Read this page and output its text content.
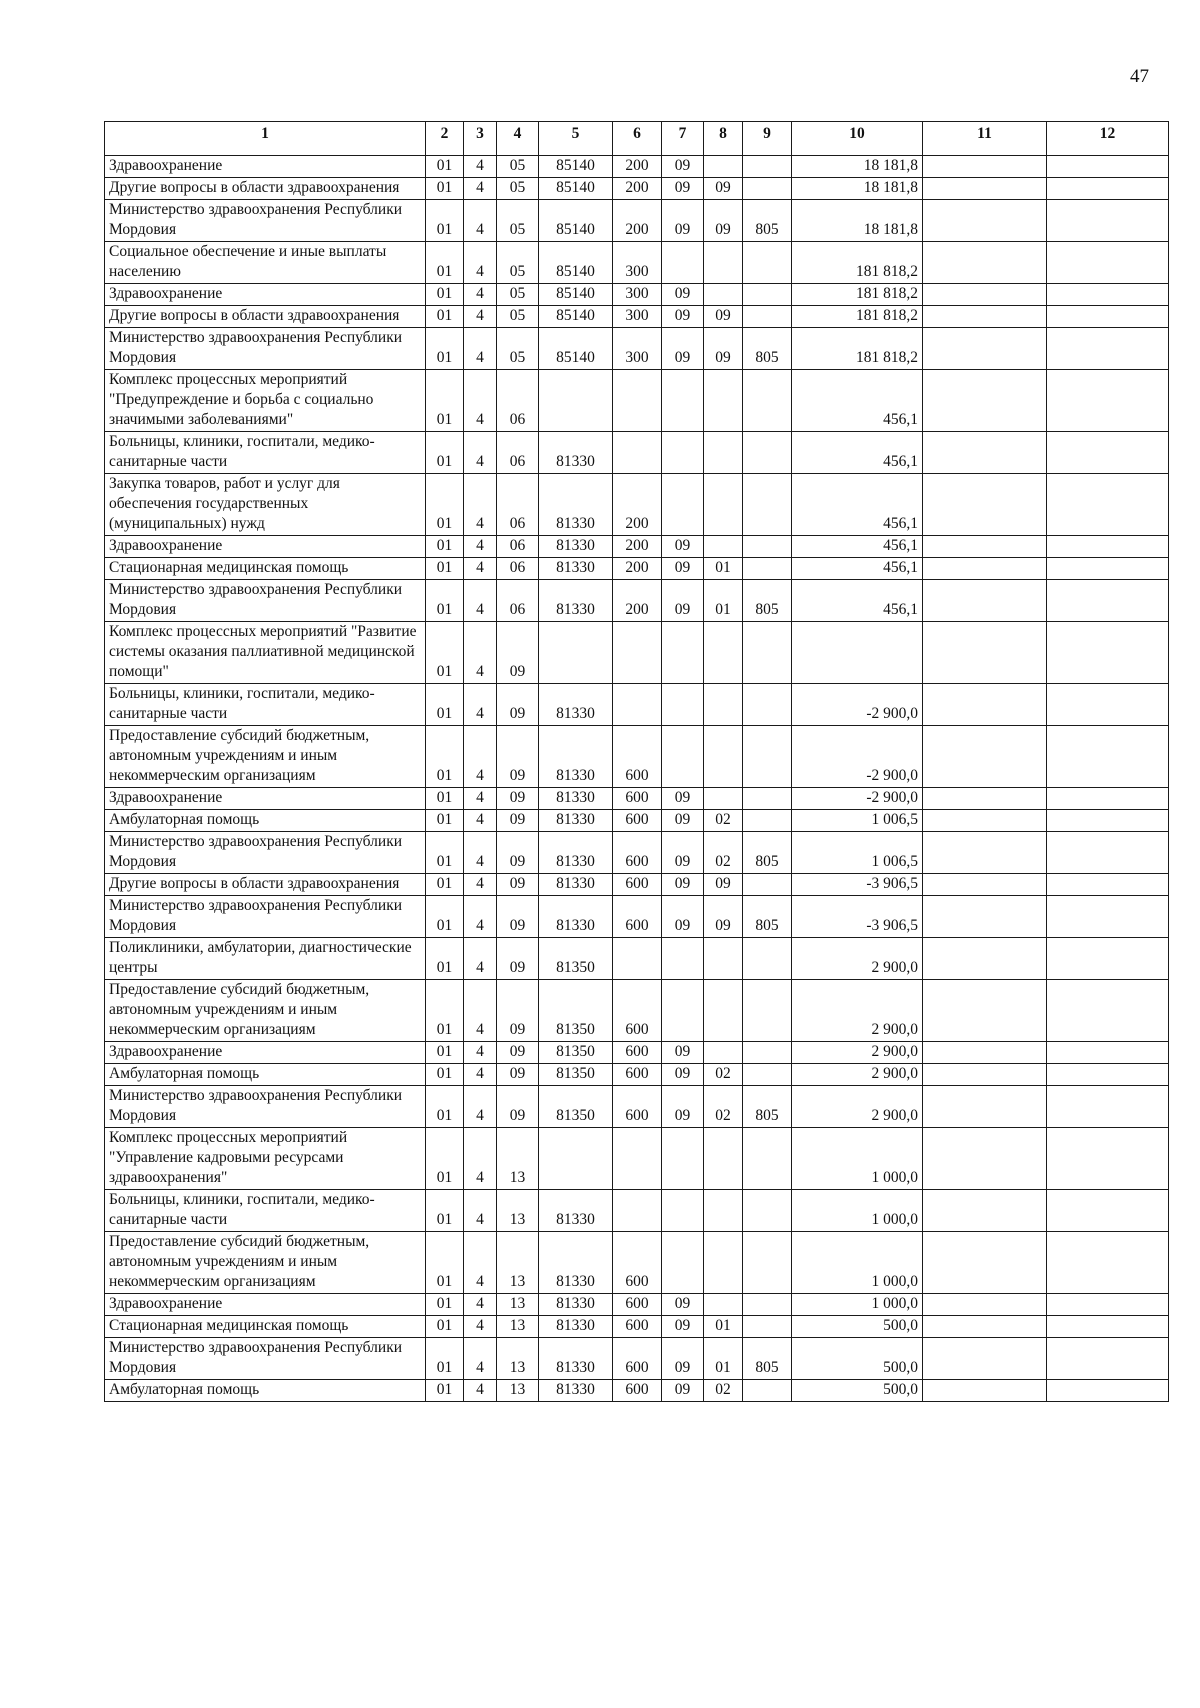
47
1	2	3	4	5	6	7	8	9	10	11	12
Здравоохранение	01	4	05	85140	200	09			18 181,8		
Другие вопросы в области здравоохранения	01	4	05	85140	200	09	09		18 181,8		
Министерство здравоохранения Республики Мордовия	01	4	05	85140	200	09	09	805	18 181,8		
Социальное обеспечение и иные выплаты населению	01	4	05	85140	300				181 818,2		
Здравоохранение	01	4	05	85140	300	09			181 818,2		
Другие вопросы в области здравоохранения	01	4	05	85140	300	09	09		181 818,2		
Министерство здравоохранения Республики Мордовия	01	4	05	85140	300	09	09	805	181 818,2		
Комплекс процессных мероприятий "Предупреждение и борьба с социально значимыми заболеваниями"	01	4	06						456,1		
Больницы, клиники, госпитали, медико-санитарные части	01	4	06	81330					456,1		
Закупка товаров, работ и услуг для обеспечения государственных (муниципальных) нужд	01	4	06	81330	200				456,1		
Здравоохранение	01	4	06	81330	200	09			456,1		
Стационарная медицинская помощь	01	4	06	81330	200	09	01		456,1		
Министерство здравоохранения Республики Мордовия	01	4	06	81330	200	09	01	805	456,1		
Комплекс процессных мероприятий "Развитие системы оказания паллиативной медицинской помощи"	01	4	09								
Больницы, клиники, госпитали, медико-санитарные части	01	4	09	81330					-2 900,0		
Предоставление субсидий бюджетным, автономным учреждениям и иным некоммерческим организациям	01	4	09	81330	600				-2 900,0		
Здравоохранение	01	4	09	81330	600	09			-2 900,0		
Амбулаторная помощь	01	4	09	81330	600	09	02		1 006,5		
Министерство здравоохранения Республики Мордовия	01	4	09	81330	600	09	02	805	1 006,5		
Другие вопросы в области здравоохранения	01	4	09	81330	600	09	09		-3 906,5		
Министерство здравоохранения Республики Мордовия	01	4	09	81330	600	09	09	805	-3 906,5		
Поликлиники, амбулатории, диагностические центры	01	4	09	81350					2 900,0		
Предоставление субсидий бюджетным, автономным учреждениям и иным некоммерческим организациям	01	4	09	81350	600				2 900,0		
Здравоохранение	01	4	09	81350	600	09			2 900,0		
Амбулаторная помощь	01	4	09	81350	600	09	02		2 900,0		
Министерство здравоохранения Республики Мордовия	01	4	09	81350	600	09	02	805	2 900,0		
Комплекс процессных мероприятий "Управление кадровыми ресурсами здравоохранения"	01	4	13						1 000,0		
Больницы, клиники, госпитали, медико-санитарные части	01	4	13	81330					1 000,0		
Предоставление субсидий бюджетным, автономным учреждениям и иным некоммерческим организациям	01	4	13	81330	600				1 000,0		
Здравоохранение	01	4	13	81330	600	09			1 000,0		
Стационарная медицинская помощь	01	4	13	81330	600	09	01		500,0		
Министерство здравоохранения Республики Мордовия	01	4	13	81330	600	09	01	805	500,0		
Амбулаторная помощь	01	4	13	81330	600	09	02		500,0		
